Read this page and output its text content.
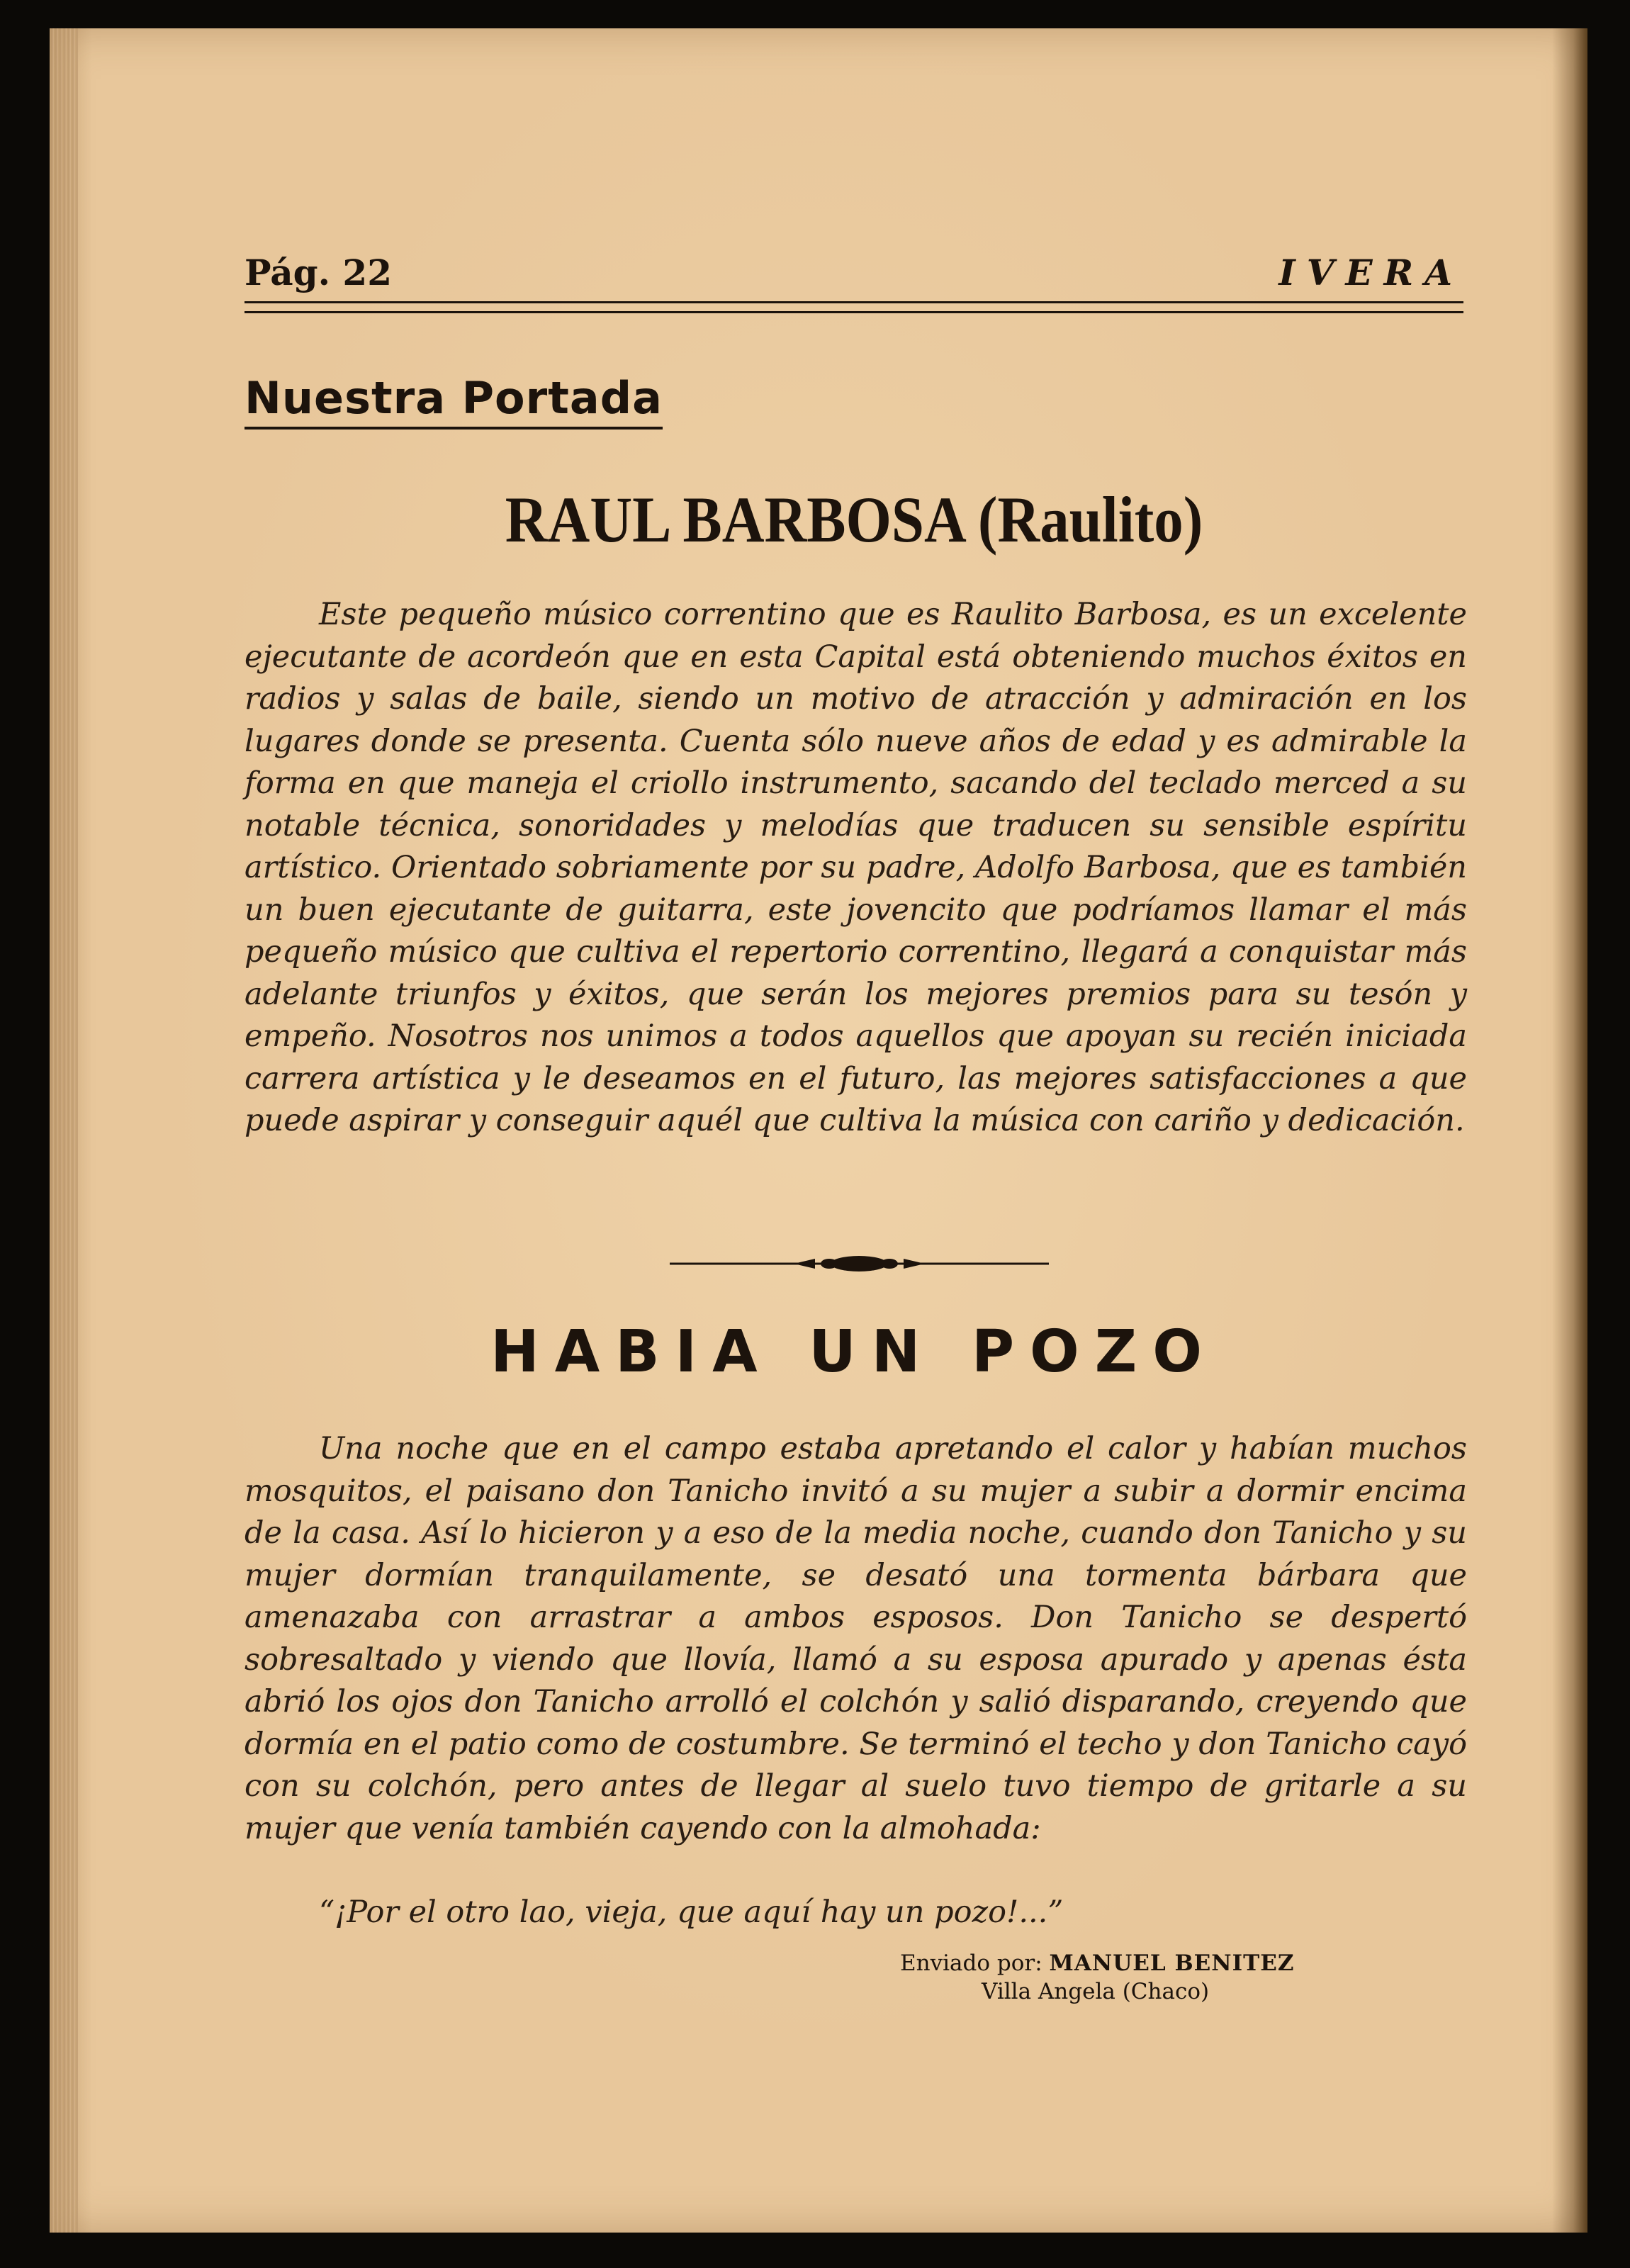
Pág. 22	IVERA
Nuestra Portada
RAUL BARBOSA (Raulito)

Este pequeño músico correntino que es Raulito Barbosa, es un excelente ejecutante de acordeón que en esta Capital está obteniendo muchos éxitos en radios y salas de baile, siendo un motivo de atracción y admiración en los lugares donde se presenta. Cuenta sólo nueve años de edad y es admirable la forma en que maneja el criollo instrumento, sacando del teclado merced a su notable técnica, sonoridades y melodías que traducen su sensible espíritu artístico. Orientado sobriamente por su padre, Adolfo Barbosa, que es también un buen ejecutante de guitarra, este jovencito que podríamos llamar el más pequeño músico que cultiva el repertorio correntino, llegará a conquistar más adelante triunfos y éxitos, que serán los mejores premios para su tesón y empeño. Nosotros nos unimos a todos aquellos que apoyan su recién iniciada carrera artística y le deseamos en el futuro, las mejores satisfacciones a que puede aspirar y conseguir aquél que cultiva la música con cariño y dedicación.

HABIA UN POZO

Una noche que en el campo estaba apretando el calor y habían muchos mosquitos, el paisano don Tanicho invitó a su mujer a subir a dormir encima de la casa. Así lo hicieron y a eso de la media noche, cuando don Tanicho y su mujer dormían tranquilamente, se desató una tormenta bárbara que amenazaba con arrastrar a ambos esposos. Don Tanicho se despertó sobresaltado y viendo que llovía, llamó a su esposa apurado y apenas ésta abrió los ojos don Tanicho arrolló el colchón y salió disparando, creyendo que dormía en el patio como de costumbre. Se terminó el techo y don Tanicho cayó con su colchón, pero antes de llegar al suelo tuvo tiempo de gritarle a su mujer que venía también cayendo con la almohada:

“¡Por el otro lao, vieja, que aquí hay un pozo!...”

Enviado por: MANUEL BENITEZ
Villa Angela (Chaco)
